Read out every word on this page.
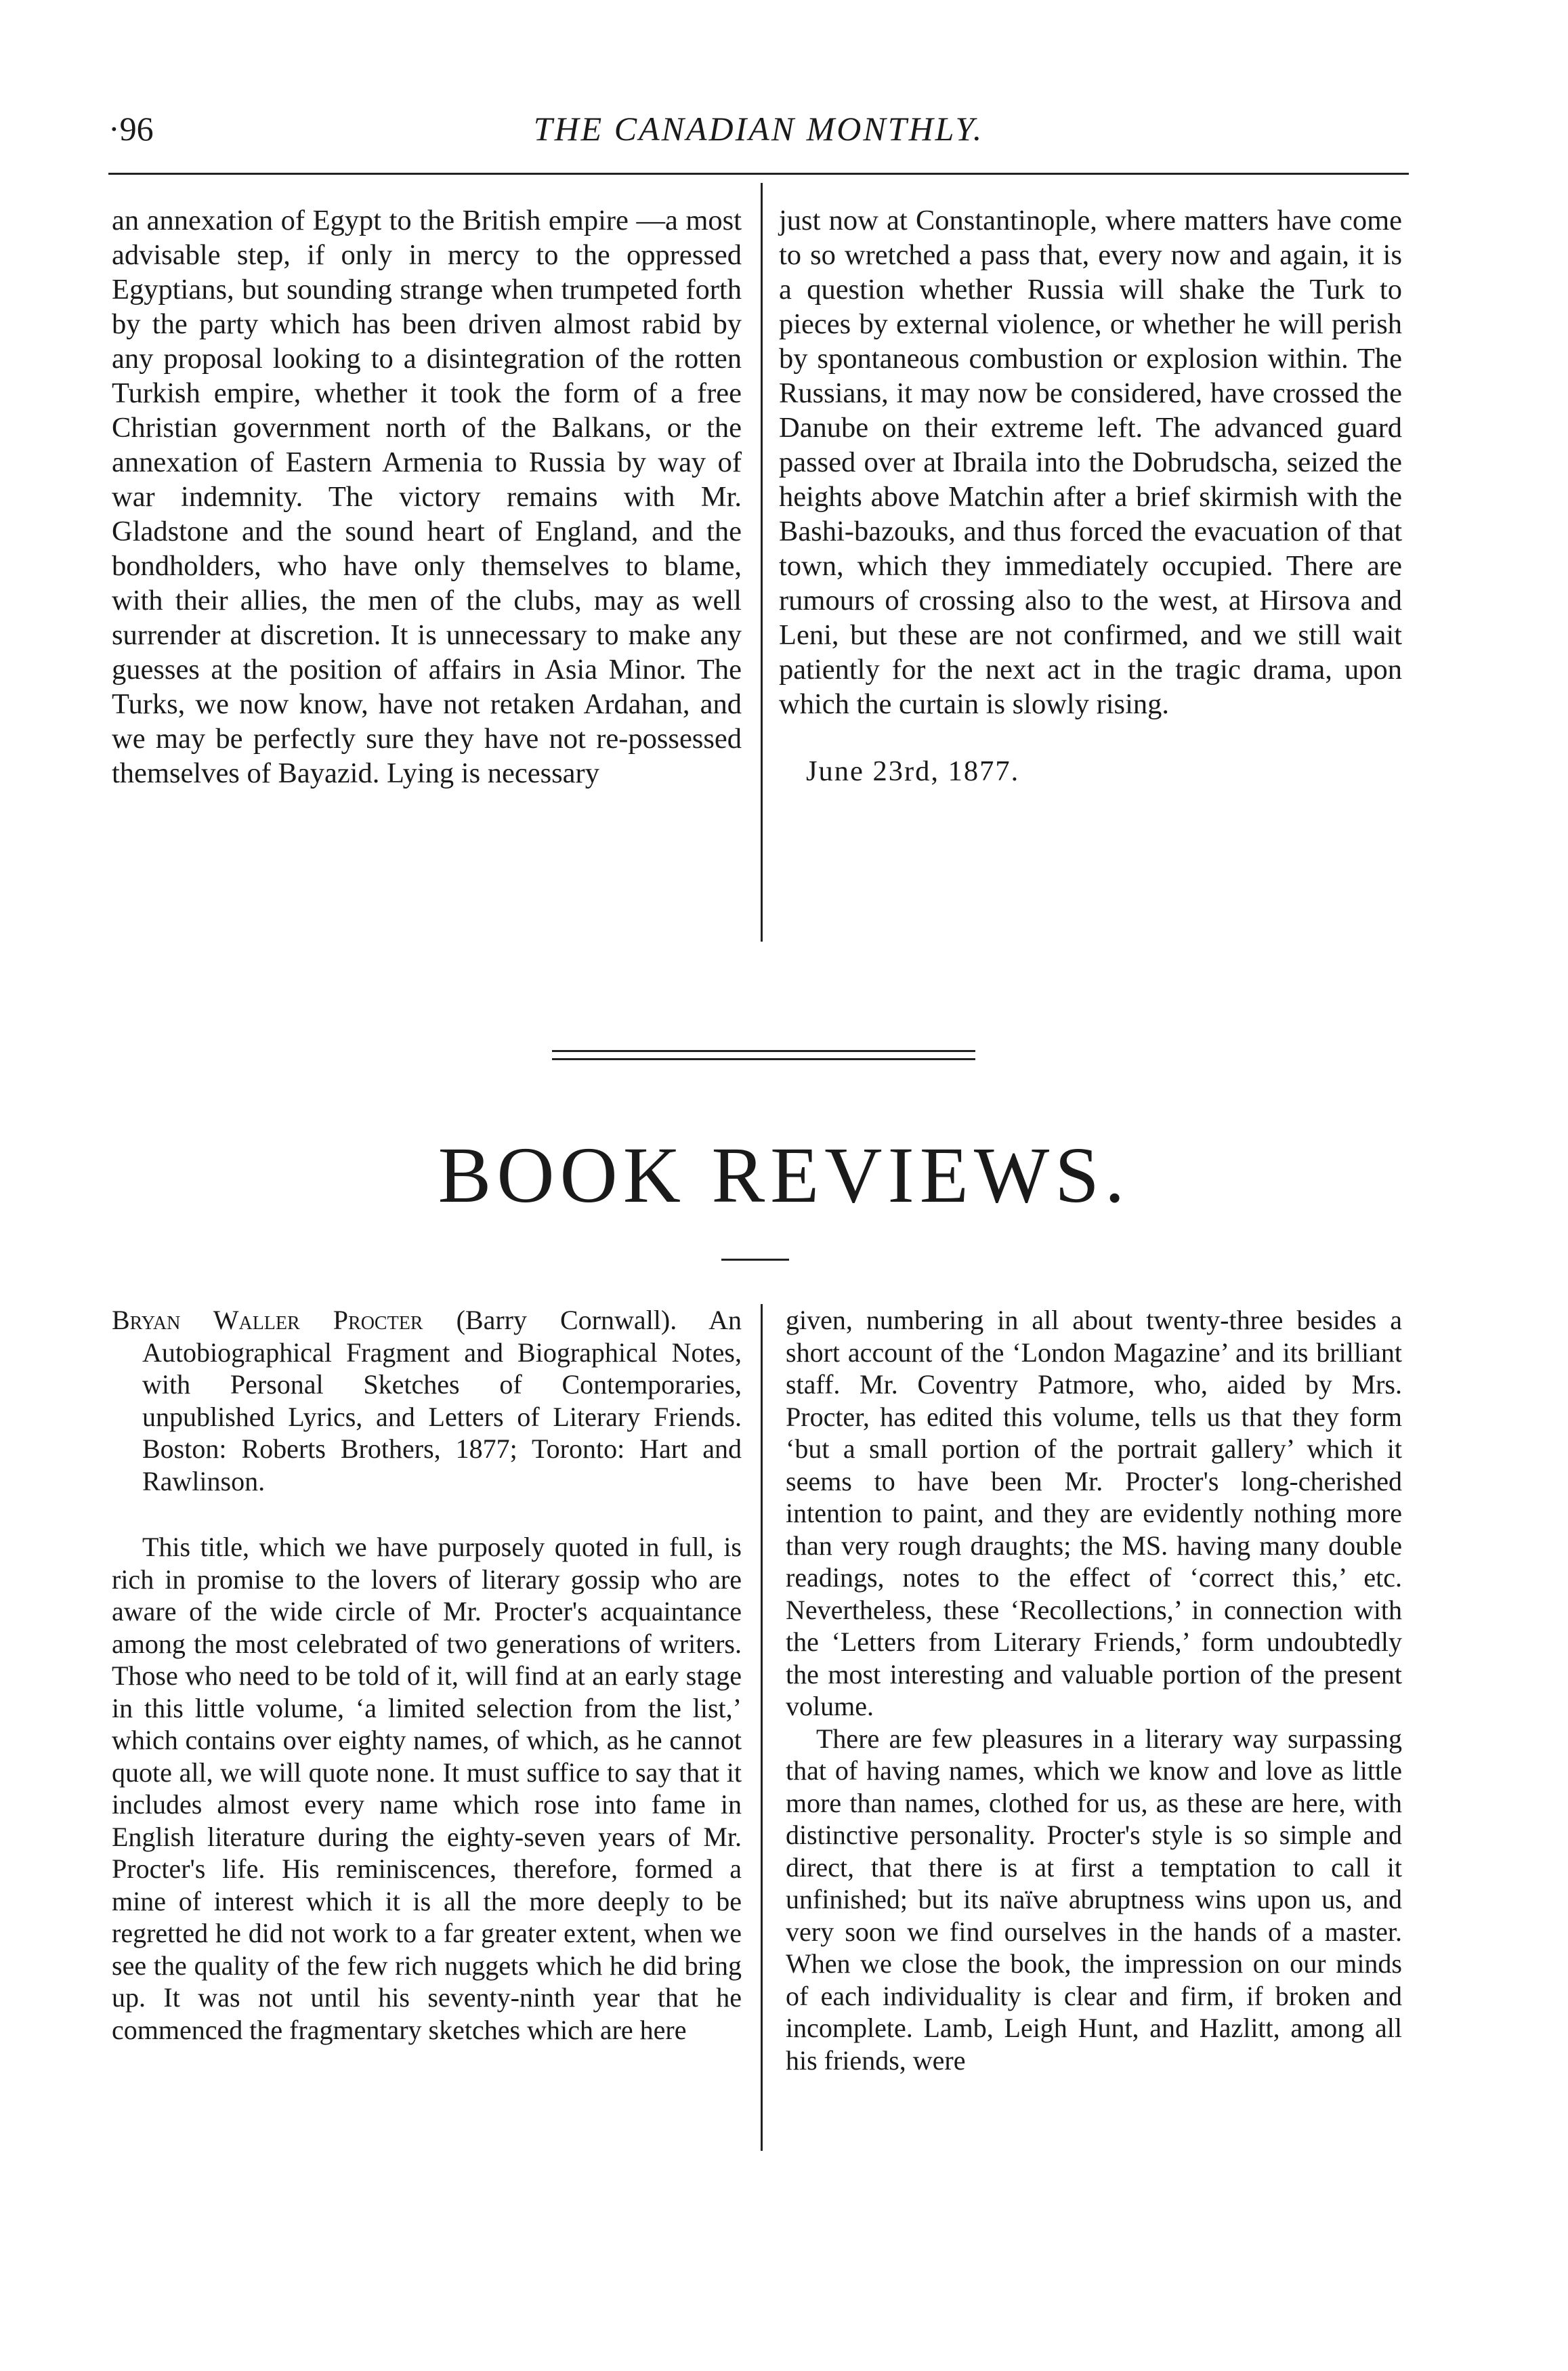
·96	THE CANADIAN MONTHLY.

an annexation of Egypt to the British empire —a most advisable step, if only in mercy to the oppressed Egyptians, but sounding strange when trumpeted forth by the party which has been driven almost rabid by any proposal looking to a disintegration of the rotten Turkish empire, whether it took the form of a free Christian government north of the Balkans, or the annexation of Eastern Armenia to Russia by way of war indemnity. The victory remains with Mr. Gladstone and the sound heart of England, and the bondholders, who have only themselves to blame, with their allies, the men of the clubs, may as well surrender at discretion. It is unnecessary to make any guesses at the position of affairs in Asia Minor. The Turks, we now know, have not retaken Ardahan, and we may be perfectly sure they have not re-possessed themselves of Bayazid. Lying is necessary

just now at Constantinople, where matters have come to so wretched a pass that, every now and again, it is a question whether Russia will shake the Turk to pieces by external violence, or whether he will perish by spontaneous combustion or explosion within. The Russians, it may now be considered, have crossed the Danube on their extreme left. The advanced guard passed over at Ibraila into the Dobrudscha, seized the heights above Matchin after a brief skirmish with the Bashi-bazouks, and thus forced the evacuation of that town, which they immediately occupied. There are rumours of crossing also to the west, at Hirsova and Leni, but these are not confirmed, and we still wait patiently for the next act in the tragic drama, upon which the curtain is slowly rising.

June 23rd, 1877.

BOOK REVIEWS.

Bryan Waller Procter (Barry Cornwall). An Autobiographical Fragment and Biographical Notes, with Personal Sketches of Contemporaries, unpublished Lyrics, and Letters of Literary Friends. Boston: Roberts Brothers, 1877; Toronto: Hart and Rawlinson.

This title, which we have purposely quoted in full, is rich in promise to the lovers of literary gossip who are aware of the wide circle of Mr. Procter's acquaintance among the most celebrated of two generations of writers. Those who need to be told of it, will find at an early stage in this little volume, ‘a limited selection from the list,’ which contains over eighty names, of which, as he cannot quote all, we will quote none. It must suffice to say that it includes almost every name which rose into fame in English literature during the eighty-seven years of Mr. Procter's life. His reminiscences, therefore, formed a mine of interest which it is all the more deeply to be regretted he did not work to a far greater extent, when we see the quality of the few rich nuggets which he did bring up. It was not until his seventy-ninth year that he commenced the fragmentary sketches which are here

given, numbering in all about twenty-three besides a short account of the ‘London Magazine’ and its brilliant staff. Mr. Coventry Patmore, who, aided by Mrs. Procter, has edited this volume, tells us that they form ‘but a small portion of the portrait gallery’ which it seems to have been Mr. Procter's long-cherished intention to paint, and they are evidently nothing more than very rough draughts; the MS. having many double readings, notes to the effect of ‘correct this,’ etc. Nevertheless, these ‘Recollections,’ in connection with the ‘Letters from Literary Friends,’ form undoubtedly the most interesting and valuable portion of the present volume.

There are few pleasures in a literary way surpassing that of having names, which we know and love as little more than names, clothed for us, as these are here, with distinctive personality. Procter's style is so simple and direct, that there is at first a temptation to call it unfinished; but its naïve abruptness wins upon us, and very soon we find ourselves in the hands of a master. When we close the book, the impression on our minds of each individuality is clear and firm, if broken and incomplete. Lamb, Leigh Hunt, and Hazlitt, among all his friends, were
